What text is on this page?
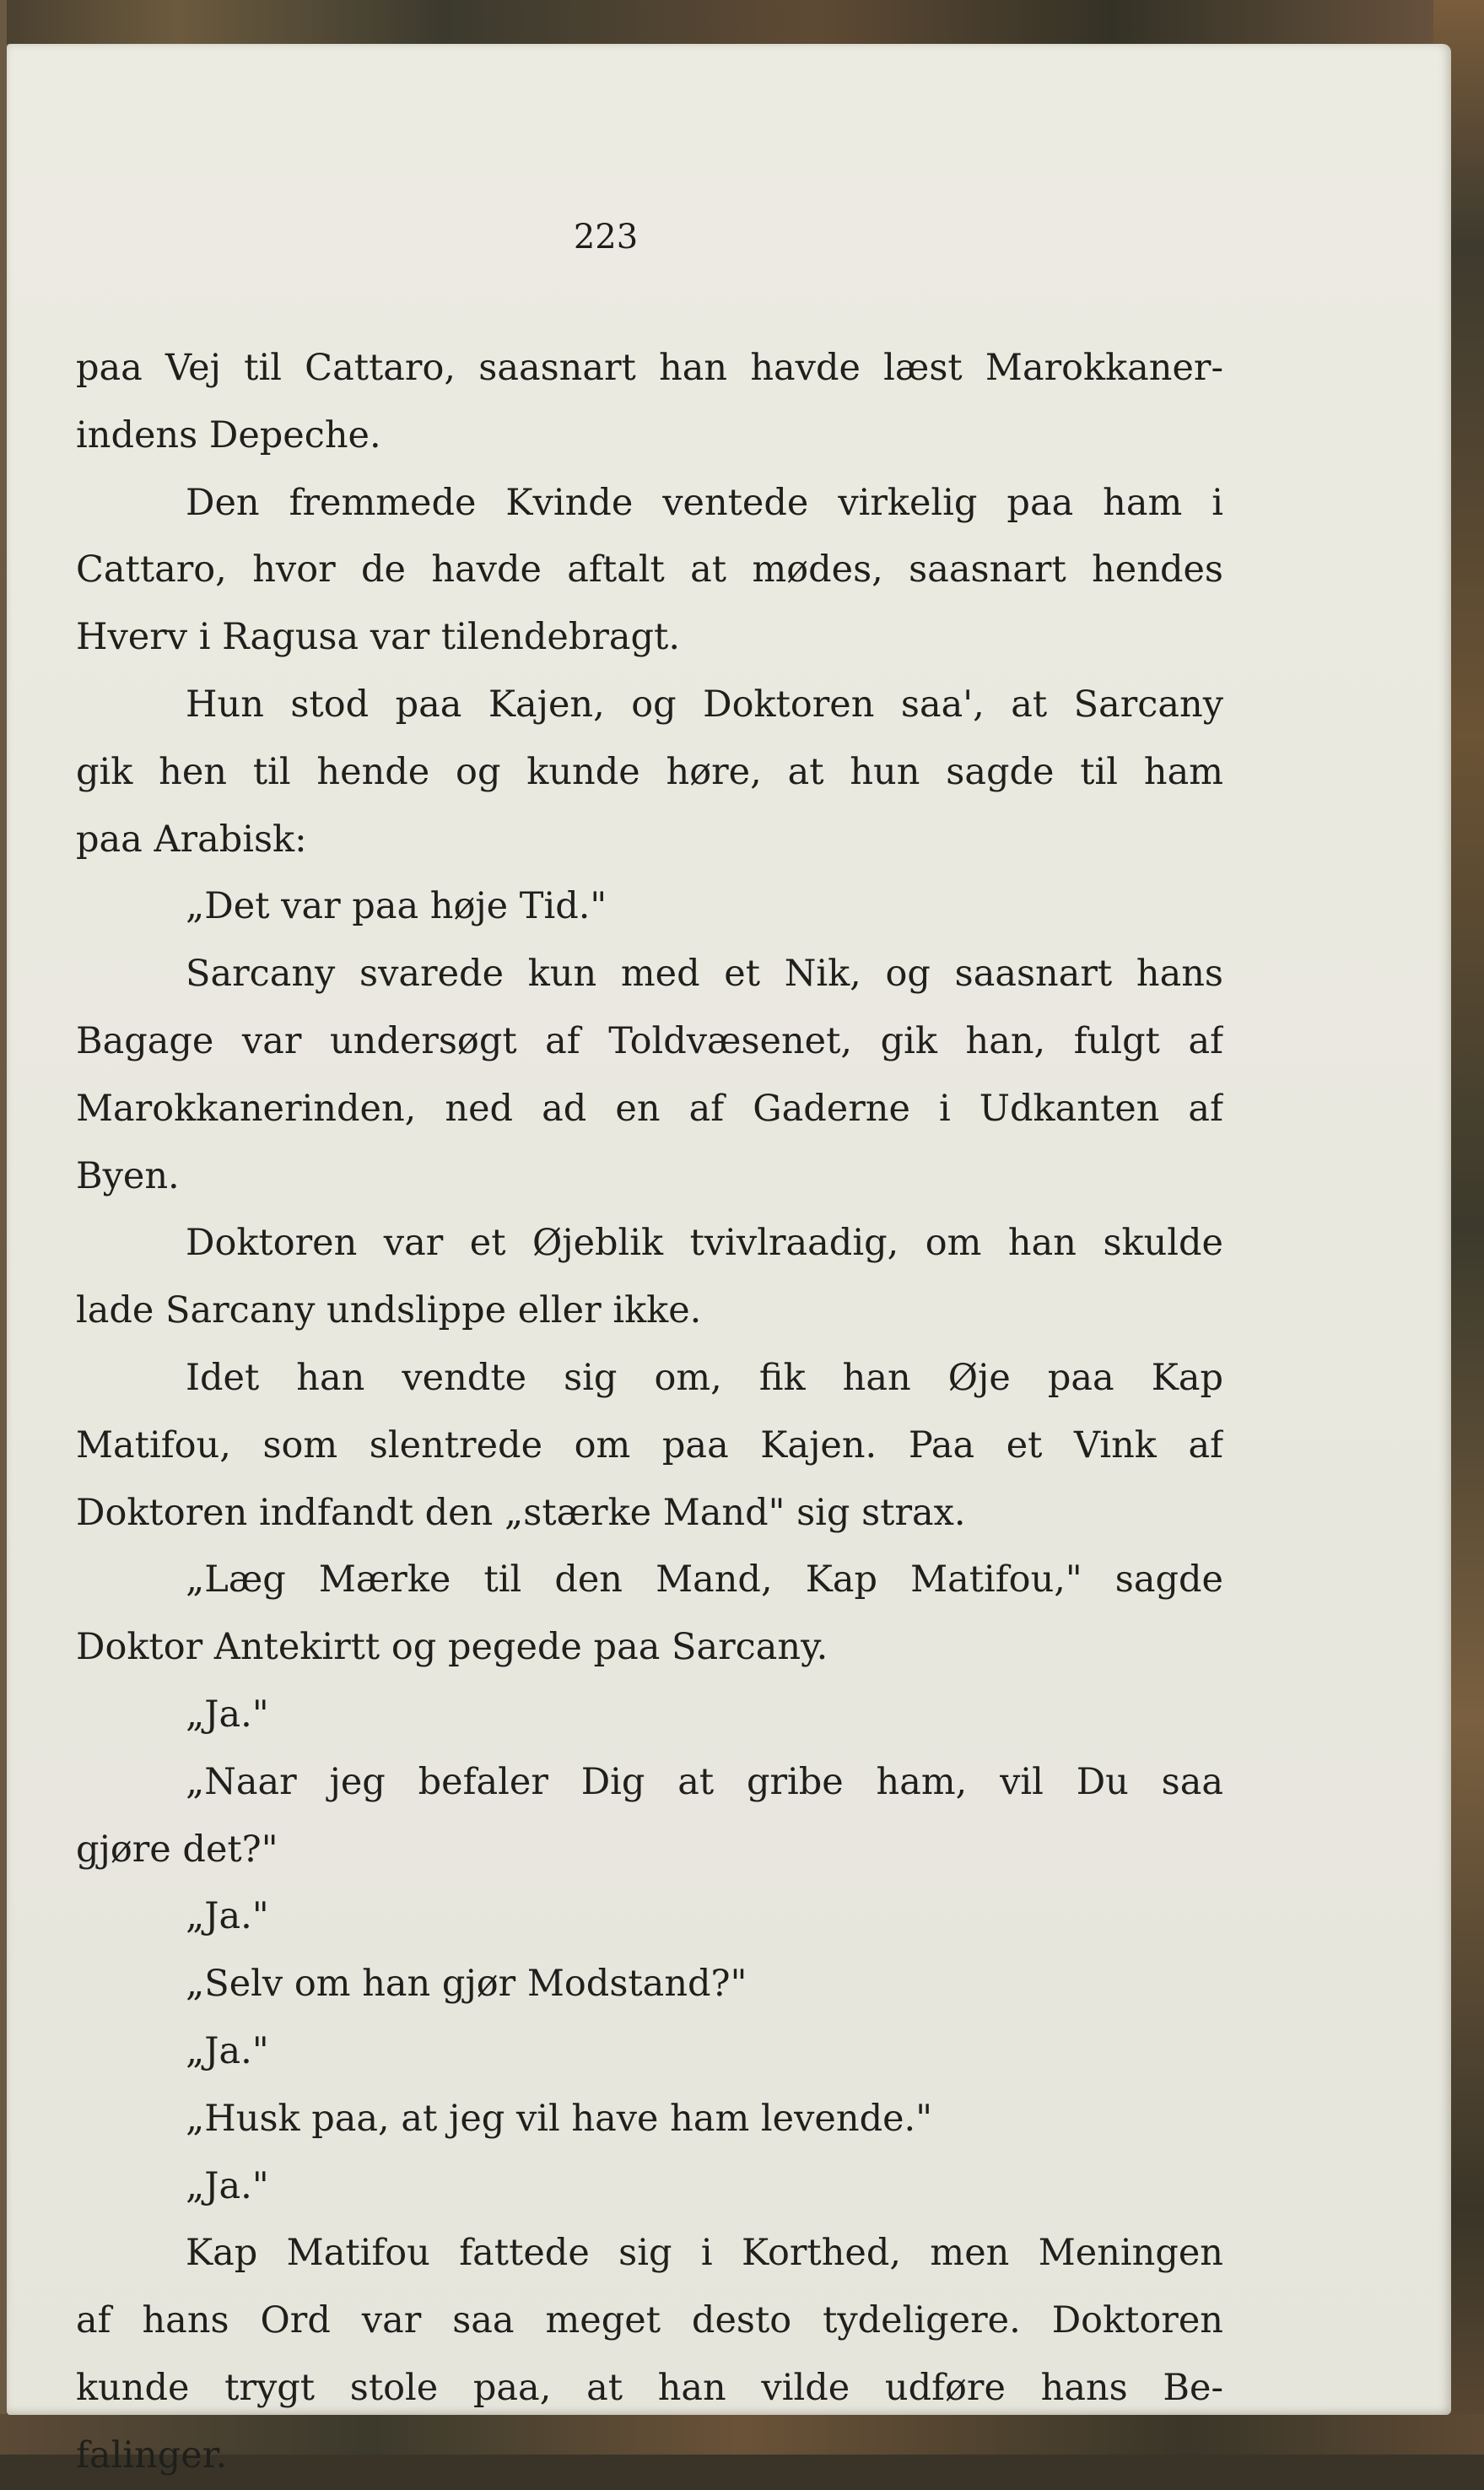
223
paa Vej til Cattaro, saasnart han havde læst Marokkaner-
indens Depeche.
Den fremmede Kvinde ventede virkelig paa ham i
Cattaro, hvor de havde aftalt at mødes, saasnart hendes
Hverv i Ragusa var tilendebragt.
Hun stod paa Kajen, og Doktoren saa', at Sarcany
gik hen til hende og kunde høre, at hun sagde til ham
paa Arabisk:
„Det var paa høje Tid."
Sarcany svarede kun med et Nik, og saasnart hans
Bagage var undersøgt af Toldvæsenet, gik han, fulgt af
Marokkanerinden, ned ad en af Gaderne i Udkanten af
Byen.
Doktoren var et Øjeblik tvivlraadig, om han skulde
lade Sarcany undslippe eller ikke.
Idet han vendte sig om, fik han Øje paa Kap
Matifou, som slentrede om paa Kajen. Paa et Vink af
Doktoren indfandt den „stærke Mand" sig strax.
„Læg Mærke til den Mand, Kap Matifou," sagde
Doktor Antekirtt og pegede paa Sarcany.
„Ja."
„Naar jeg befaler Dig at gribe ham, vil Du saa
gjøre det?"
„Ja."
„Selv om han gjør Modstand?"
„Ja."
„Husk paa, at jeg vil have ham levende."
„Ja."
Kap Matifou fattede sig i Korthed, men Meningen
af hans Ord var saa meget desto tydeligere. Doktoren
kunde trygt stole paa, at han vilde udføre hans Be-
falinger.
